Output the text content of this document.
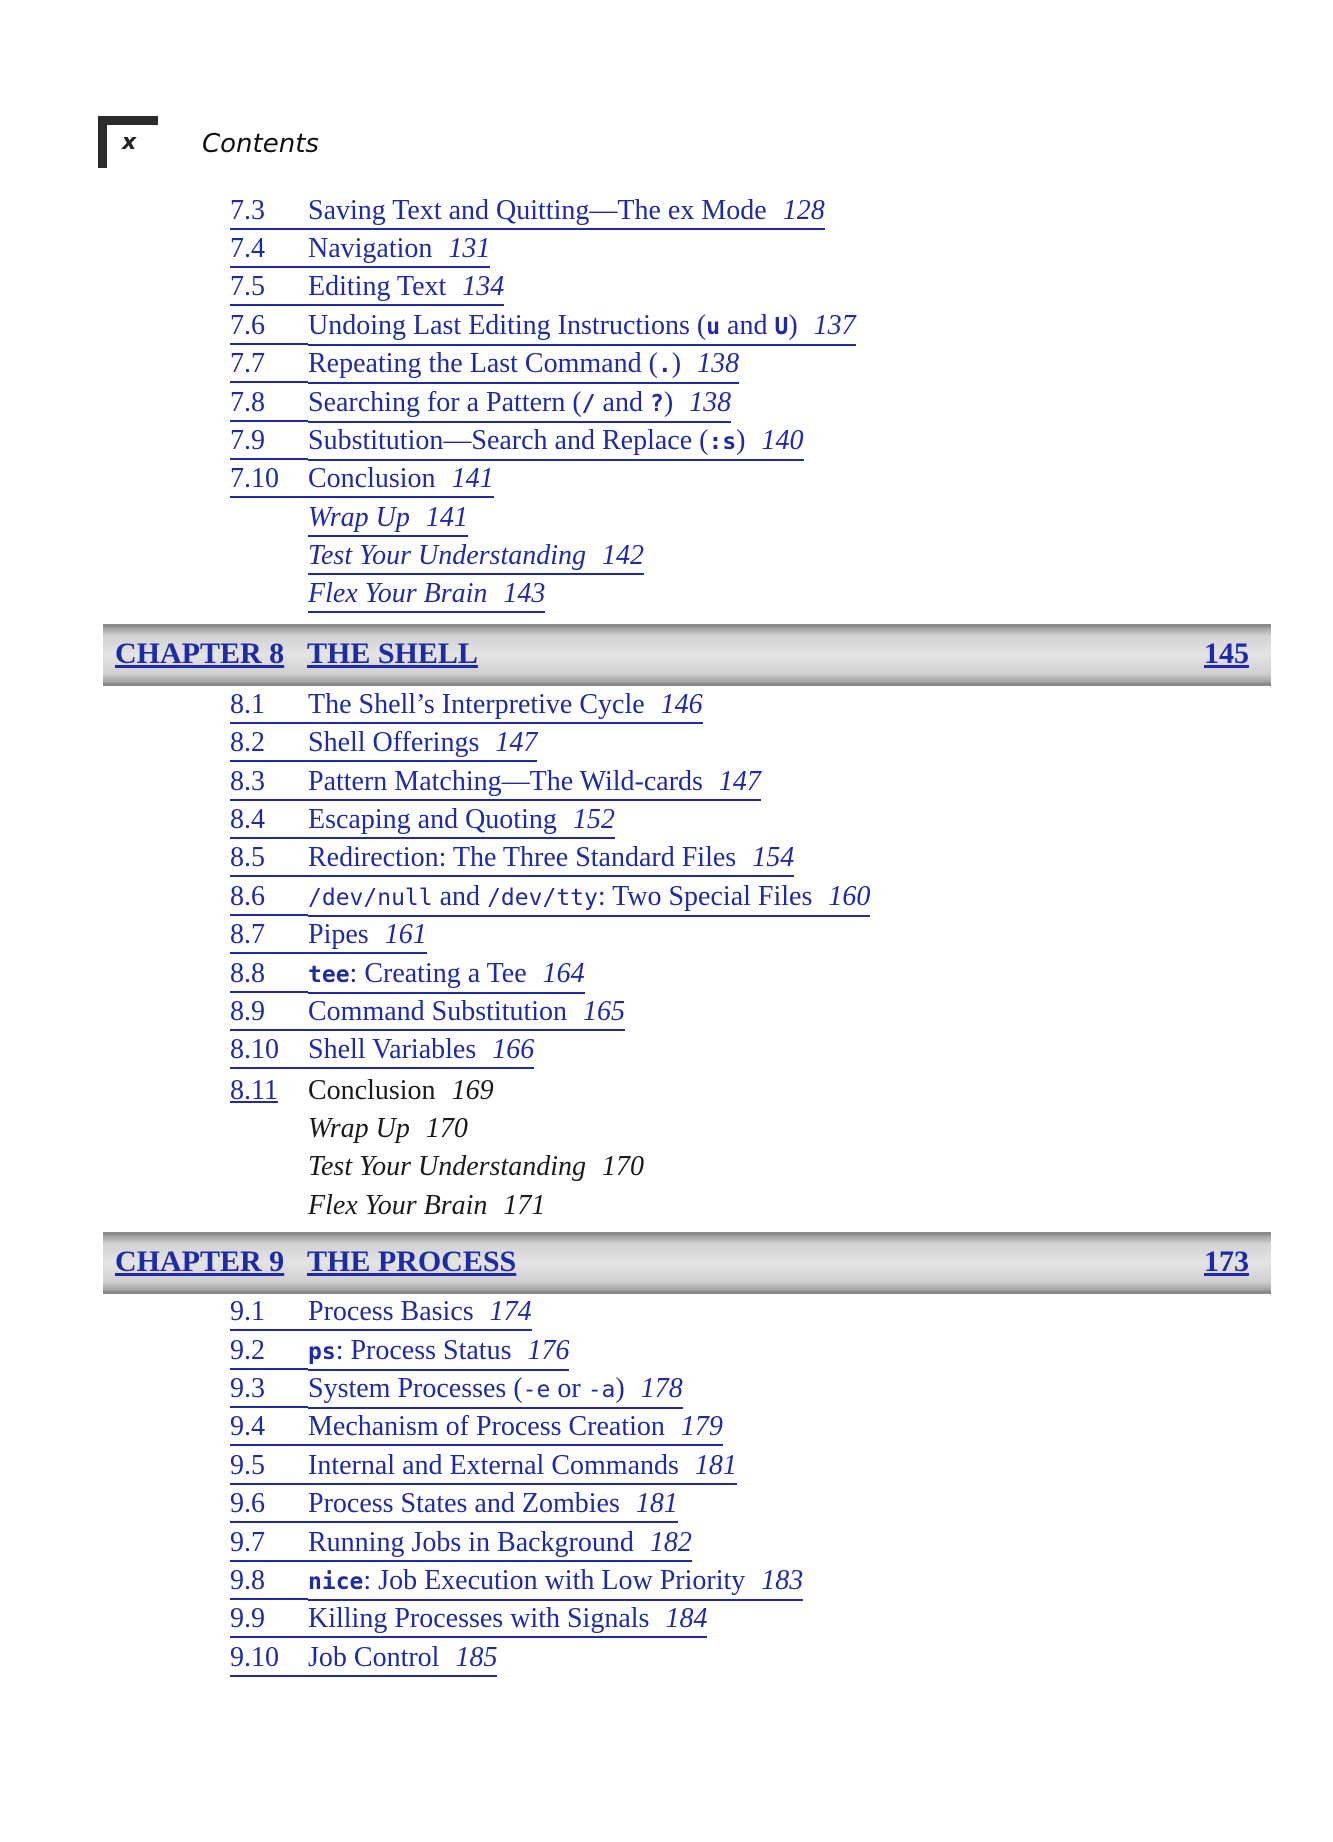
x	Contents
7.3	Saving Text and Quitting—The ex Mode 128
7.4	Navigation 131
7.5	Editing Text 134
7.6	Undoing Last Editing Instructions (u and U) 137
7.7	Repeating the Last Command (.) 138
7.8	Searching for a Pattern (/ and ?) 138
7.9	Substitution—Search and Replace (:s) 140
7.10	Conclusion 141
Wrap Up 141
Test Your Understanding 142
Flex Your Brain 143
CHAPTER 8 THE SHELL	145
8.1	The Shell’s Interpretive Cycle 146
8.2	Shell Offerings 147
8.3	Pattern Matching—The Wild-cards 147
8.4	Escaping and Quoting 152
8.5	Redirection: The Three Standard Files 154
8.6	/dev/null and /dev/tty: Two Special Files 160
8.7	Pipes 161
8.8	tee: Creating a Tee 164
8.9	Command Substitution 165
8.10	Shell Variables 166
8.11 Conclusion 169
Wrap Up 170
Test Your Understanding 170
Flex Your Brain 171
CHAPTER 9 THE PROCESS	173
9.1	Process Basics 174
9.2	ps: Process Status 176
9.3	System Processes (-e or -a) 178
9.4	Mechanism of Process Creation 179
9.5	Internal and External Commands 181
9.6	Process States and Zombies 181
9.7	Running Jobs in Background 182
9.8	nice: Job Execution with Low Priority 183
9.9	Killing Processes with Signals 184
9.10	Job Control 185
